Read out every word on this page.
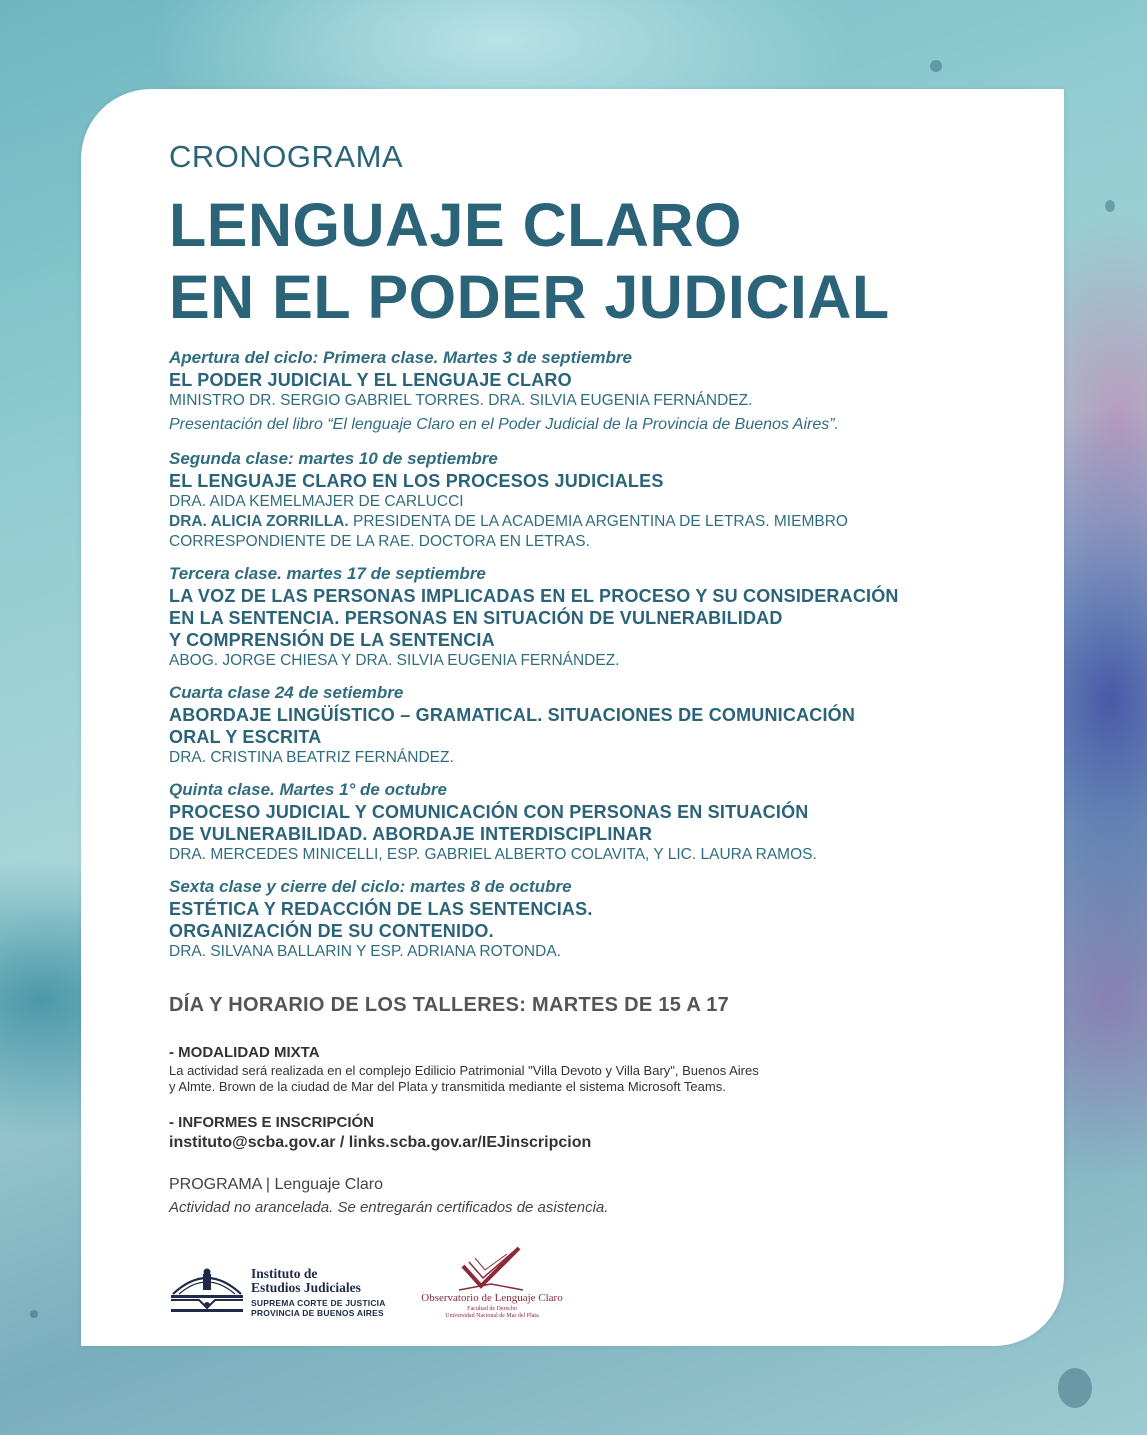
CRONOGRAMA
LENGUAJE CLARO
EN EL PODER JUDICIAL
Apertura del ciclo: Primera clase. Martes 3 de septiembre
EL PODER JUDICIAL Y EL LENGUAJE CLARO
MINISTRO DR. SERGIO GABRIEL TORRES. DRA. SILVIA EUGENIA FERNÁNDEZ.
Presentación del libro “El lenguaje Claro en el Poder Judicial de la Provincia de Buenos Aires”.
Segunda clase: martes 10 de septiembre
EL LENGUAJE CLARO EN LOS PROCESOS JUDICIALES
DRA. AIDA KEMELMAJER DE CARLUCCI
DRA. ALICIA ZORRILLA. PRESIDENTA DE LA ACADEMIA ARGENTINA DE LETRAS. MIEMBRO
CORRESPONDIENTE DE LA RAE. DOCTORA EN LETRAS.
Tercera clase. martes 17 de septiembre
LA VOZ DE LAS PERSONAS IMPLICADAS EN EL PROCESO Y SU CONSIDERACIÓN
EN LA SENTENCIA. PERSONAS EN SITUACIÓN DE VULNERABILIDAD
Y COMPRENSIÓN DE LA SENTENCIA
ABOG. JORGE CHIESA Y DRA. SILVIA EUGENIA FERNÁNDEZ.
Cuarta clase 24 de setiembre
ABORDAJE LINGÜÍSTICO – GRAMATICAL. SITUACIONES DE COMUNICACIÓN
ORAL Y ESCRITA
DRA. CRISTINA BEATRIZ FERNÁNDEZ.
Quinta clase. Martes 1° de octubre
PROCESO JUDICIAL Y COMUNICACIÓN CON PERSONAS EN SITUACIÓN
DE VULNERABILIDAD. ABORDAJE INTERDISCIPLINAR
DRA. MERCEDES MINICELLI, ESP. GABRIEL ALBERTO COLAVITA, Y LIC. LAURA RAMOS.
Sexta clase y cierre del ciclo: martes 8 de octubre
ESTÉTICA Y REDACCIÓN DE LAS SENTENCIAS.
ORGANIZACIÓN DE SU CONTENIDO.
DRA. SILVANA BALLARIN Y ESP. ADRIANA ROTONDA.
DÍA Y HORARIO DE LOS TALLERES: MARTES DE 15 A 17
- MODALIDAD MIXTA
La actividad será realizada en el complejo Edilicio Patrimonial "Villa Devoto y Villa Bary", Buenos Aires
y Almte. Brown de la ciudad de Mar del Plata y transmitida mediante el sistema Microsoft Teams.
- INFORMES E INSCRIPCIÓN
instituto@scba.gov.ar / links.scba.gov.ar/IEJinscripcion
PROGRAMA | Lenguaje Claro
Actividad no arancelada. Se entregarán certificados de asistencia.
Instituto de
Estudios Judiciales
SUPREMA CORTE DE JUSTICIA
PROVINCIA DE BUENOS AIRES
Observatorio de Lenguaje Claro
Facultad de Derecho
Universidad Nacional de Mar del Plata
